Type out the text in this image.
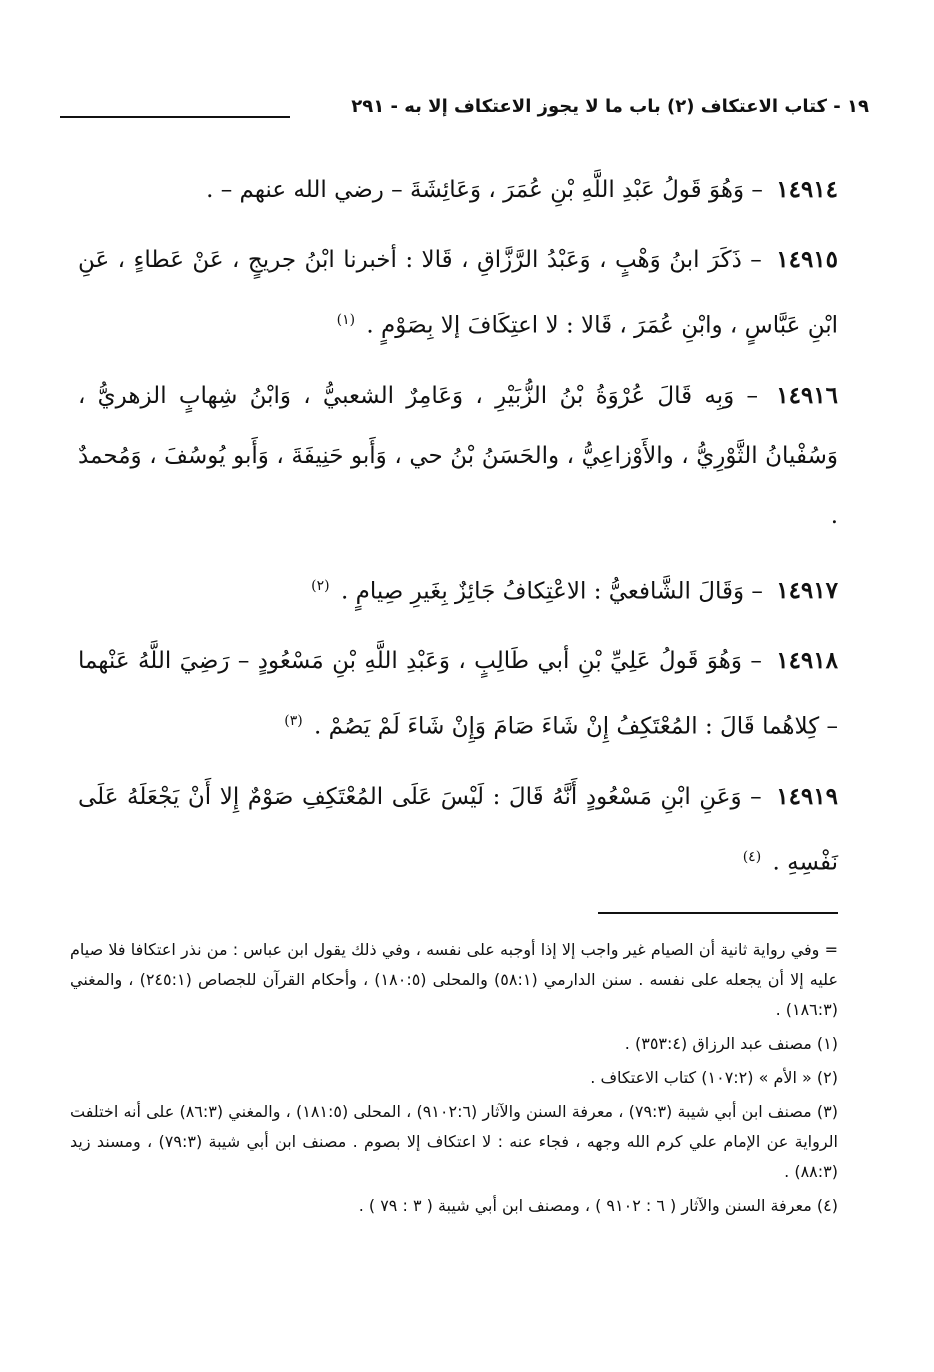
١٩ - كتاب الاعتكاف (٢) باب ما لا يجوز الاعتكاف إلا به - ٢٩١

١٤٩١٤ – وَهُوَ قَولُ عَبْدِ اللَّهِ بْنِ عُمَرَ ، وَعَائِشَةَ – رضي الله عنهم – .

١٤٩١٥ – ذَكَرَ ابنُ وَهْبٍ ، وَعَبْدُ الرَّزَّاقِ ، قَالا : أخبرنا ابْنُ جريجٍ ، عَنْ عَطاءٍ ، عَنِ ابْنِ عَبَّاسٍ ، وابْنِ عُمَرَ ، قَالا : لا اعتِكَافَ إلا بِصَوْمٍ . $^{(١)}$

١٤٩١٦ – وَبِه قَالَ عُرْوَةُ بْنُ الزُّبَيْرِ ، وَعَامِرٌ الشعبيُّ ، وَابْنُ شِهابٍ الزهريُّ ، وَسُفْيانُ الثَّوْرِيُّ ، والأَوْزاعِيُّ ، والحَسَنُ بْنُ حي ، وَأَبو حَنِيفَةَ ، وَأَبو يُوسُفَ ، وَمُحمدٌ .

١٤٩١٧ – وَقَالَ الشَّافعيُّ : الاعْتِكافُ جَائِزٌ بِغَيرِ صِيامٍ . $^{(٢)}$

١٤٩١٨ – وَهُوَ قَولُ عَلِيِّ بْنِ أبي طَالِبٍ ، وَعَبْدِ اللَّهِ بْنِ مَسْعُودٍ – رَضِيَ اللَّهُ عَنْهما – كِلاهُما قَالَ : المُعْتَكِفُ إِنْ شَاءَ صَامَ وَإِنْ شَاءَ لَمْ يَصُمْ . $^{(٣)}$

١٤٩١٩ – وَعَنِ ابْنِ مَسْعُودٍ أَنَّهُ قَالَ : لَيْسَ عَلَى المُعْتَكِفِ صَوْمٌ إِلا أَنْ يَجْعَلَهُ عَلَى نَفْسِهِ . $^{(٤)}$

= وفي رواية ثانية أن الصيام غير واجب إلا إذا أوجبه على نفسه ، وفي ذلك يقول ابن عباس : من نذر اعتكافا فلا صيام عليه إلا أن يجعله على نفسه . سنن الدارمي (٥٨:١) والمحلى (١٨٠:٥) ، وأحكام القرآن للجصاص (٢٤٥:١) ، والمغني (١٨٦:٣) .

(١) مصنف عبد الرزاق (٣٥٣:٤) .

(٢) « الأم » (١٠٧:٢) كتاب الاعتكاف .

(٣) مصنف ابن أبي شيبة (٧٩:٣) ، معرفة السنن والآثار (٩١٠٢:٦) ، المحلى (١٨١:٥) ، والمغني (٨٦:٣) على أنه اختلفت الرواية عن الإمام علي كرم الله وجهه ، فجاء عنه : لا اعتكاف إلا بصوم . مصنف ابن أبي شيبة (٧٩:٣) ، ومسند زيد (٨٨:٣) .

(٤) معرفة السنن والآثار ( ٦ : ٩١٠٢ ) ، ومصنف ابن أبي شيبة ( ٣ : ٧٩ ) .
